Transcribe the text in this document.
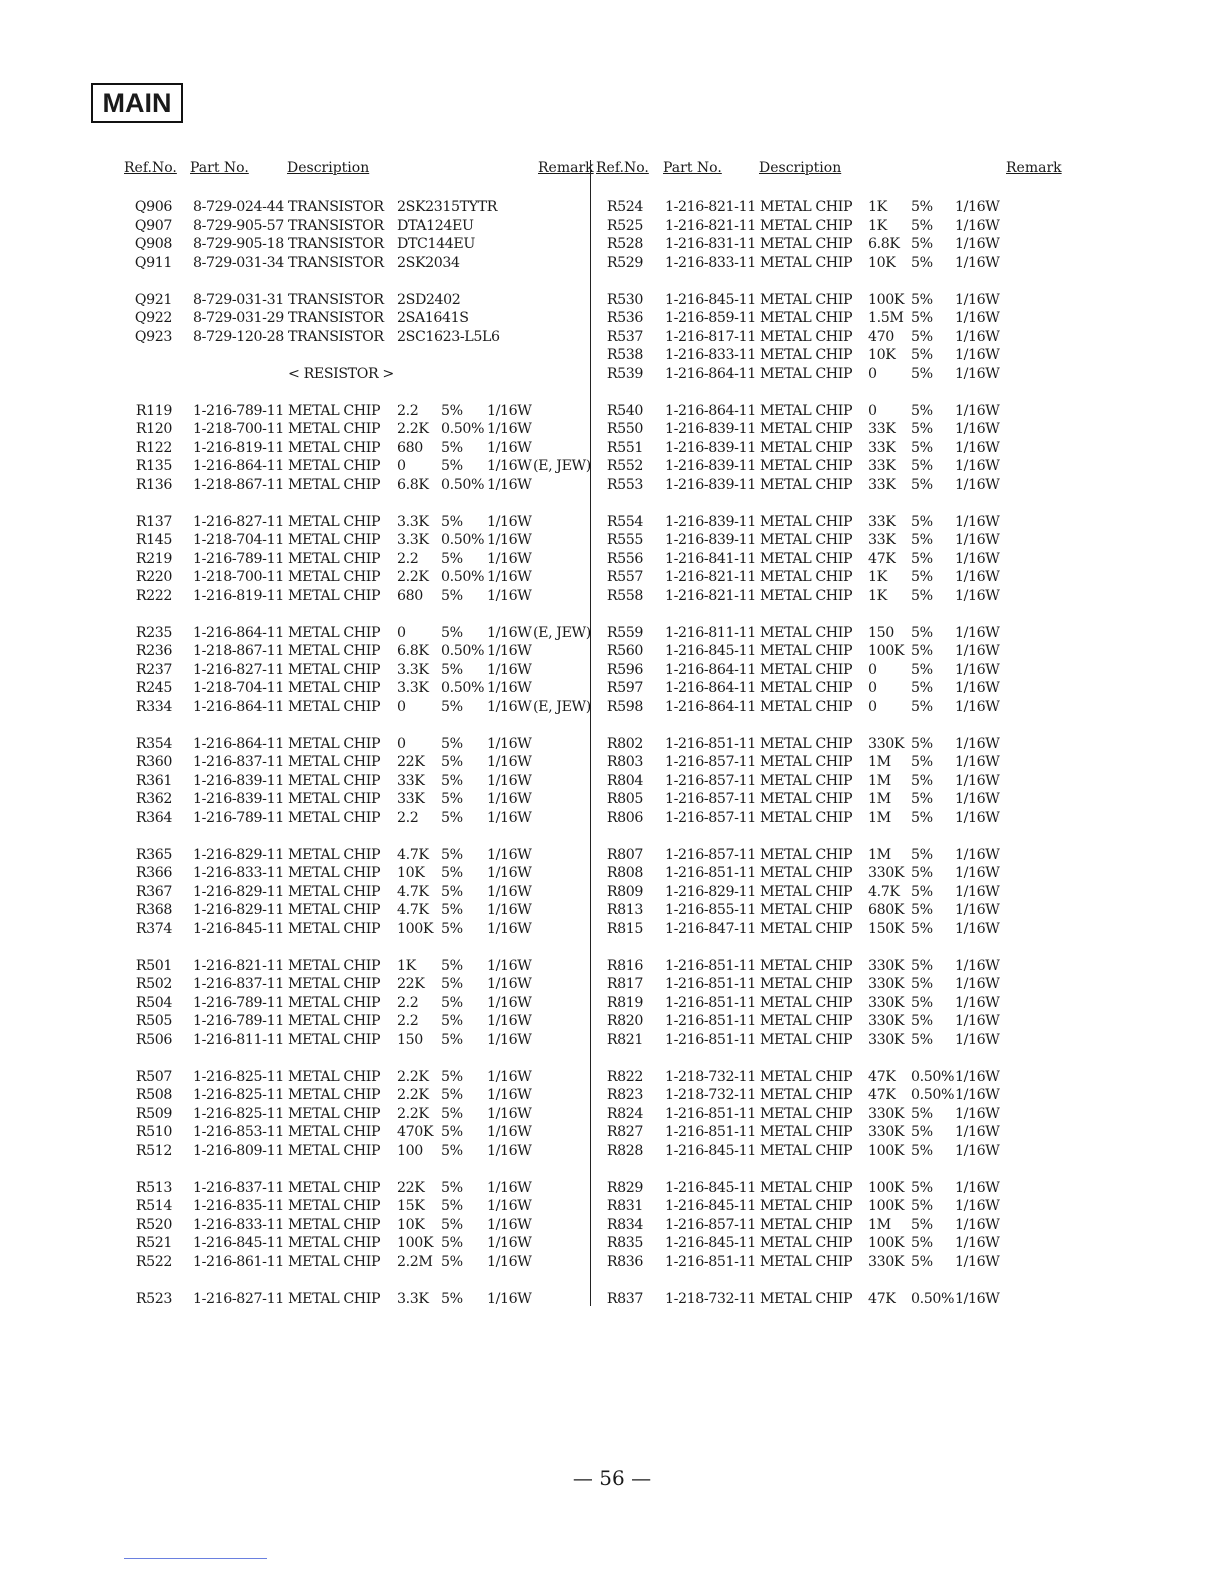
MAIN
Ref.No. Part No.	Description	Remark Ref.No. Part No.	Description	Remark
Q906 8-729-024-44 TRANSISTOR 2SK2315TYTR
Q907 8-729-905-57 TRANSISTOR DTA124EU
Q908 8-729-905-18 TRANSISTOR DTC144EU
Q911 8-729-031-34 TRANSISTOR 2SK2034
Q921 8-729-031-31 TRANSISTOR 2SD2402
Q922 8-729-031-29 TRANSISTOR 2SA1641S
Q923 8-729-120-28 TRANSISTOR 2SC1623-L5L6
< RESISTOR >
R119 1-216-789-11 METAL CHIP 2.2 5% 1/16W
R120 1-218-700-11 METAL CHIP 2.2K 0.50% 1/16W
R122 1-216-819-11 METAL CHIP 680 5% 1/16W
R135 1-216-864-11 METAL CHIP 0 5% 1/16W (E, JEW)
R136 1-218-867-11 METAL CHIP 6.8K 0.50% 1/16W
R137 1-216-827-11 METAL CHIP 3.3K 5% 1/16W
R145 1-218-704-11 METAL CHIP 3.3K 0.50% 1/16W
R219 1-216-789-11 METAL CHIP 2.2 5% 1/16W
R220 1-218-700-11 METAL CHIP 2.2K 0.50% 1/16W
R222 1-216-819-11 METAL CHIP 680 5% 1/16W
R235 1-216-864-11 METAL CHIP 0 5% 1/16W (E, JEW)
R236 1-218-867-11 METAL CHIP 6.8K 0.50% 1/16W
R237 1-216-827-11 METAL CHIP 3.3K 5% 1/16W
R245 1-218-704-11 METAL CHIP 3.3K 0.50% 1/16W
R334 1-216-864-11 METAL CHIP 0 5% 1/16W (E, JEW)
R354 1-216-864-11 METAL CHIP 0 5% 1/16W
R360 1-216-837-11 METAL CHIP 22K 5% 1/16W
R361 1-216-839-11 METAL CHIP 33K 5% 1/16W
R362 1-216-839-11 METAL CHIP 33K 5% 1/16W
R364 1-216-789-11 METAL CHIP 2.2 5% 1/16W
R365 1-216-829-11 METAL CHIP 4.7K 5% 1/16W
R366 1-216-833-11 METAL CHIP 10K 5% 1/16W
R367 1-216-829-11 METAL CHIP 4.7K 5% 1/16W
R368 1-216-829-11 METAL CHIP 4.7K 5% 1/16W
R374 1-216-845-11 METAL CHIP 100K 5% 1/16W
R501 1-216-821-11 METAL CHIP 1K 5% 1/16W
R502 1-216-837-11 METAL CHIP 22K 5% 1/16W
R504 1-216-789-11 METAL CHIP 2.2 5% 1/16W
R505 1-216-789-11 METAL CHIP 2.2 5% 1/16W
R506 1-216-811-11 METAL CHIP 150 5% 1/16W
R507 1-216-825-11 METAL CHIP 2.2K 5% 1/16W
R508 1-216-825-11 METAL CHIP 2.2K 5% 1/16W
R509 1-216-825-11 METAL CHIP 2.2K 5% 1/16W
R510 1-216-853-11 METAL CHIP 470K 5% 1/16W
R512 1-216-809-11 METAL CHIP 100 5% 1/16W
R513 1-216-837-11 METAL CHIP 22K 5% 1/16W
R514 1-216-835-11 METAL CHIP 15K 5% 1/16W
R520 1-216-833-11 METAL CHIP 10K 5% 1/16W
R521 1-216-845-11 METAL CHIP 100K 5% 1/16W
R522 1-216-861-11 METAL CHIP 2.2M 5% 1/16W
R523 1-216-827-11 METAL CHIP 3.3K 5% 1/16W
R524 1-216-821-11 METAL CHIP 1K 5% 1/16W
R525 1-216-821-11 METAL CHIP 1K 5% 1/16W
R528 1-216-831-11 METAL CHIP 6.8K 5% 1/16W
R529 1-216-833-11 METAL CHIP 10K 5% 1/16W
R530 1-216-845-11 METAL CHIP 100K 5% 1/16W
R536 1-216-859-11 METAL CHIP 1.5M 5% 1/16W
R537 1-216-817-11 METAL CHIP 470 5% 1/16W
R538 1-216-833-11 METAL CHIP 10K 5% 1/16W
R539 1-216-864-11 METAL CHIP 0 5% 1/16W
R540 1-216-864-11 METAL CHIP 0 5% 1/16W
R550 1-216-839-11 METAL CHIP 33K 5% 1/16W
R551 1-216-839-11 METAL CHIP 33K 5% 1/16W
R552 1-216-839-11 METAL CHIP 33K 5% 1/16W
R553 1-216-839-11 METAL CHIP 33K 5% 1/16W
R554 1-216-839-11 METAL CHIP 33K 5% 1/16W
R555 1-216-839-11 METAL CHIP 33K 5% 1/16W
R556 1-216-841-11 METAL CHIP 47K 5% 1/16W
R557 1-216-821-11 METAL CHIP 1K 5% 1/16W
R558 1-216-821-11 METAL CHIP 1K 5% 1/16W
R559 1-216-811-11 METAL CHIP 150 5% 1/16W
R560 1-216-845-11 METAL CHIP 100K 5% 1/16W
R596 1-216-864-11 METAL CHIP 0 5% 1/16W
R597 1-216-864-11 METAL CHIP 0 5% 1/16W
R598 1-216-864-11 METAL CHIP 0 5% 1/16W
R802 1-216-851-11 METAL CHIP 330K 5% 1/16W
R803 1-216-857-11 METAL CHIP 1M 5% 1/16W
R804 1-216-857-11 METAL CHIP 1M 5% 1/16W
R805 1-216-857-11 METAL CHIP 1M 5% 1/16W
R806 1-216-857-11 METAL CHIP 1M 5% 1/16W
R807 1-216-857-11 METAL CHIP 1M 5% 1/16W
R808 1-216-851-11 METAL CHIP 330K 5% 1/16W
R809 1-216-829-11 METAL CHIP 4.7K 5% 1/16W
R813 1-216-855-11 METAL CHIP 680K 5% 1/16W
R815 1-216-847-11 METAL CHIP 150K 5% 1/16W
R816 1-216-851-11 METAL CHIP 330K 5% 1/16W
R817 1-216-851-11 METAL CHIP 330K 5% 1/16W
R819 1-216-851-11 METAL CHIP 330K 5% 1/16W
R820 1-216-851-11 METAL CHIP 330K 5% 1/16W
R821 1-216-851-11 METAL CHIP 330K 5% 1/16W
R822 1-218-732-11 METAL CHIP 47K 0.50% 1/16W
R823 1-218-732-11 METAL CHIP 47K 0.50% 1/16W
R824 1-216-851-11 METAL CHIP 330K 5% 1/16W
R827 1-216-851-11 METAL CHIP 330K 5% 1/16W
R828 1-216-845-11 METAL CHIP 100K 5% 1/16W
R829 1-216-845-11 METAL CHIP 100K 5% 1/16W
R831 1-216-845-11 METAL CHIP 100K 5% 1/16W
R834 1-216-857-11 METAL CHIP 1M 5% 1/16W
R835 1-216-845-11 METAL CHIP 100K 5% 1/16W
R836 1-216-851-11 METAL CHIP 330K 5% 1/16W
R837 1-218-732-11 METAL CHIP 47K 0.50% 1/16W
— 56 —
